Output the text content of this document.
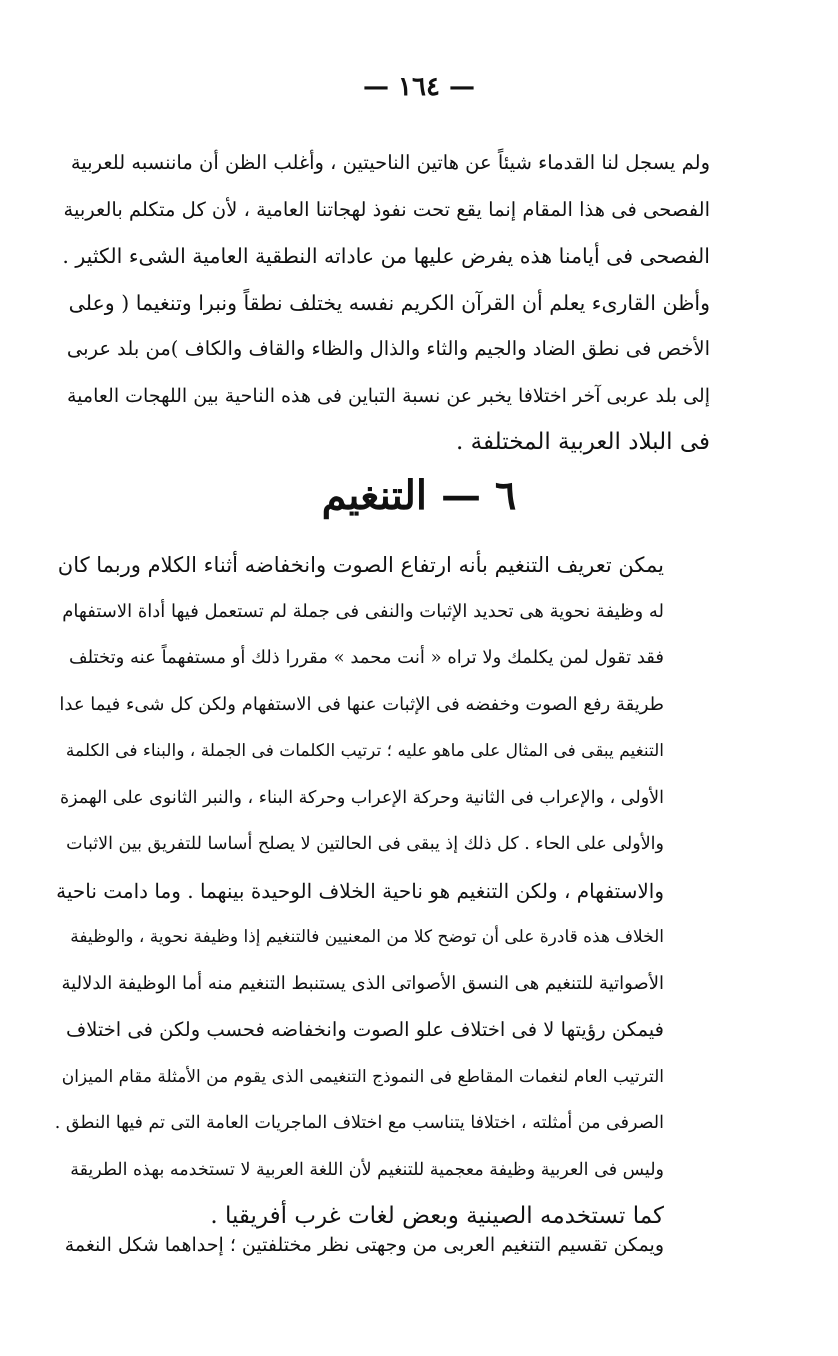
— ١٦٤ —
ولم يسجل لنا القدماء شيئاً عن هاتين الناحيتين ، وأغلب الظن أن ماننسبه للعربية
الفصحى فى هذا المقام إنما يقع تحت نفوذ لهجاتنا العامية ، لأن كل متكلم بالعربية
الفصحى فى أيامنا هذه يفرض عليها من عاداته النطقية العامية الشىء الكثير .
وأظن القارىء يعلم أن القرآن الكريم نفسه يختلف نطقاً ونبرا وتنغيما ( وعلى
الأخص فى نطق الضاد والجيم والثاء والذال والظاء والقاف والكاف )من بلد عربى
إلى بلد عربى آخر اختلافا يخبر عن نسبة التباين فى هذه الناحية بين اللهجات العامية
فى البلاد العربية المختلفة .
٦ — التنغيم
يمكن تعريف التنغيم بأنه ارتفاع الصوت وانخفاضه أثناء الكلام وربما كان
له وظيفة نحوية هى تحديد الإثبات والنفى فى جملة لم تستعمل فيها أداة الاستفهام
فقد تقول لمن يكلمك ولا تراه « أنت محمد » مقررا ذلك أو مستفهماً عنه وتختلف
طريقة رفع الصوت وخفضه فى الإثبات عنها فى الاستفهام ولكن كل شىء فيما عدا
التنغيم يبقى فى المثال على ماهو عليه ؛ ترتيب الكلمات فى الجملة ، والبناء فى الكلمة
الأولى ، والإعراب فى الثانية وحركة الإعراب وحركة البناء ، والنبر الثانوى على الهمزة
والأولى على الحاء . كل ذلك إذ يبقى فى الحالتين لا يصلح أساسا للتفريق بين الاثبات
والاستفهام ، ولكن التنغيم هو ناحية الخلاف الوحيدة بينهما . وما دامت ناحية
الخلاف هذه قادرة على أن توضح كلا من المعنيين فالتنغيم إذا وظيفة نحوية ، والوظيفة
الأصواتية للتنغيم هى النسق الأصواتى الذى يستنبط التنغيم منه أما الوظيفة الدلالية
فيمكن رؤيتها لا فى اختلاف علو الصوت وانخفاضه فحسب ولكن فى اختلاف
الترتيب العام لنغمات المقاطع فى النموذج التنغيمى الذى يقوم من الأمثلة مقام الميزان
الصرفى من أمثلته ، اختلافا يتناسب مع اختلاف الماجريات العامة التى تم فيها النطق .
وليس فى العربية وظيفة معجمية للتنغيم لأن اللغة العربية لا تستخدمه بهذه الطريقة
كما تستخدمه الصينية وبعض لغات غرب أفريقيا .
ويمكن تقسيم التنغيم العربى من وجهتى نظر مختلفتين ؛ إحداهما شكل النغمة
